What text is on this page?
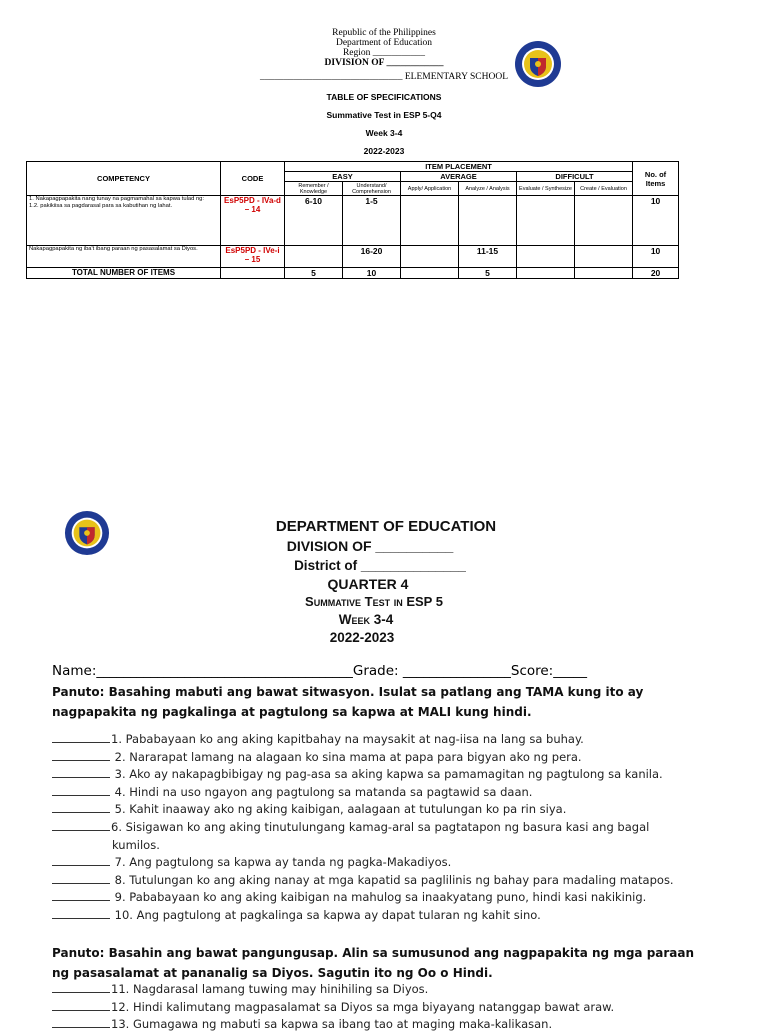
Republic of the Philippines
Department of Education
Region ___________
DIVISION OF ____________
______________________________ ELEMENTARY SCHOOL
TABLE OF SPECIFICATIONS
Summative Test in ESP 5-Q4
Week 3-4
2022-2023
COMPETENCY	CODE	ITEM PLACEMENT						No. of Items
		EASY		AVERAGE		DIFFICULT		
		Remember / Knowledge	Understand/ Comprehension	Apply/ Application	Analyze / Analysis	Evaluate / Synthesize	Create / Evaluation	
1. Nakapagpapakita nang tunay na pagmamahal sa kapwa tulad ng:
1.2. pakikiisa sa pagdarasal para sa kabutihan ng lahat.	EsP5PD - IVa-d – 14	6-10	1-5					10
Nakapagpapakita ng iba't ibang paraan ng pasasalamat sa Diyos.	EsP5PD - IVe-i – 15		16-20		11-15			10
TOTAL NUMBER OF ITEMS		5	10		5			20
DEPARTMENT OF EDUCATION
DIVISION OF __________
District of ______________
QUARTER 4
Summative Test in ESP 5
Week 3-4
2022-2023
Name:______________________________________Grade: ________________Score:_____
Panuto: Basahing mabuti ang bawat sitwasyon. Isulat sa patlang ang TAMA kung ito ay nagpapakita ng pagkalinga at pagtulong sa kapwa at MALI kung hindi.
1. Pababayaan ko ang aking kapitbahay na maysakit at nag-iisa na lang sa buhay.
2. Nararapat lamang na alagaan ko sina mama at papa para bigyan ako ng pera.
3. Ako ay nakapagbibigay ng pag-asa sa aking kapwa sa pamamagitan ng pagtulong sa kanila.
4. Hindi na uso ngayon ang pagtulong sa matanda sa pagtawid sa daan.
5. Kahit inaaway ako ng aking kaibigan, aalagaan at tutulungan ko pa rin siya.
6. Sisigawan ko ang aking tinutulungang kamag-aral sa pagtatapon ng basura kasi ang bagal
kumilos.
7. Ang pagtulong sa kapwa ay tanda ng pagka-Makadiyos.
8. Tutulungan ko ang aking nanay at mga kapatid sa paglilinis ng bahay para madaling matapos.
9. Pababayaan ko ang aking kaibigan na mahulog sa inaakyatang puno, hindi kasi nakikinig.
10. Ang pagtulong at pagkalinga sa kapwa ay dapat tularan ng kahit sino.
Panuto: Basahin ang bawat pangungusap. Alin sa sumusunod ang nagpapakita ng mga paraan ng pasasalamat at pananalig sa Diyos. Sagutin ito ng Oo o Hindi.
11. Nagdarasal lamang tuwing may hinihiling sa Diyos.
12. Hindi kalimutang magpasalamat sa Diyos sa mga biyayang natanggap bawat araw.
13. Gumagawa ng mabuti sa kapwa sa ibang tao at maging maka-kalikasan.
